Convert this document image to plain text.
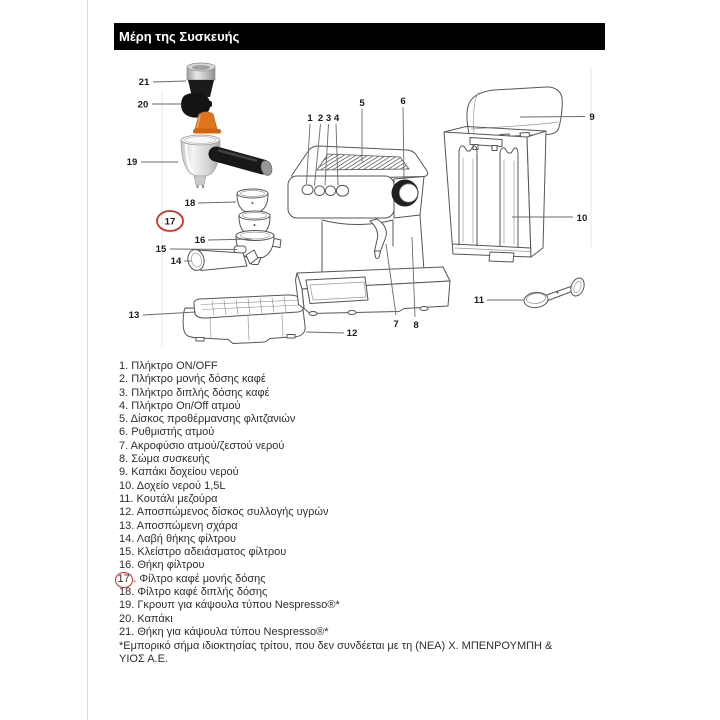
Μέρη της Συσκευής
1 2 3 4
5	6
7 8
9
10
11
12
13
14
15
16
17
18
19
20
21
1. Πλήκτρο ON/OFF
2. Πλήκτρο μονής δόσης καφέ
3. Πλήκτρο διπλής δόσης καφέ
4. Πλήκτρο On/Off ατμού
5. Δίσκος προθέρμανσης φλιτζανιών
6. Ρυθμιστής ατμού
7. Ακροφύσιο ατμού/ζεστού νερού
8. Σώμα συσκευής
9. Καπάκι δοχείου νερού
10. Δοχείο νερού 1,5L
11. Κουτάλι μεζούρα
12. Αποσπώμενος δίσκος συλλογής υγρών
13. Αποσπώμενη σχάρα
14. Λαβή θήκης φίλτρου
15. Κλείστρο αδειάσματος φίλτρου
16. Θήκη φίλτρου
17 . Φίλτρο καφέ μονής δόσης
18. Φίλτρο καφέ διπλής δόσης
19. Γκρουπ για κάψουλα τύπου Nespresso®*
20. Καπάκι
21. Θήκη για κάψουλα τύπου Nespresso®*
*Εμπορικό σήμα ιδιοκτησίας τρίτου, που δεν συνδέεται με τη (ΝΕΑ) Χ. ΜΠΕΝΡΟΥΜΠΗ &
ΥΙΟΣ Α.Ε.
